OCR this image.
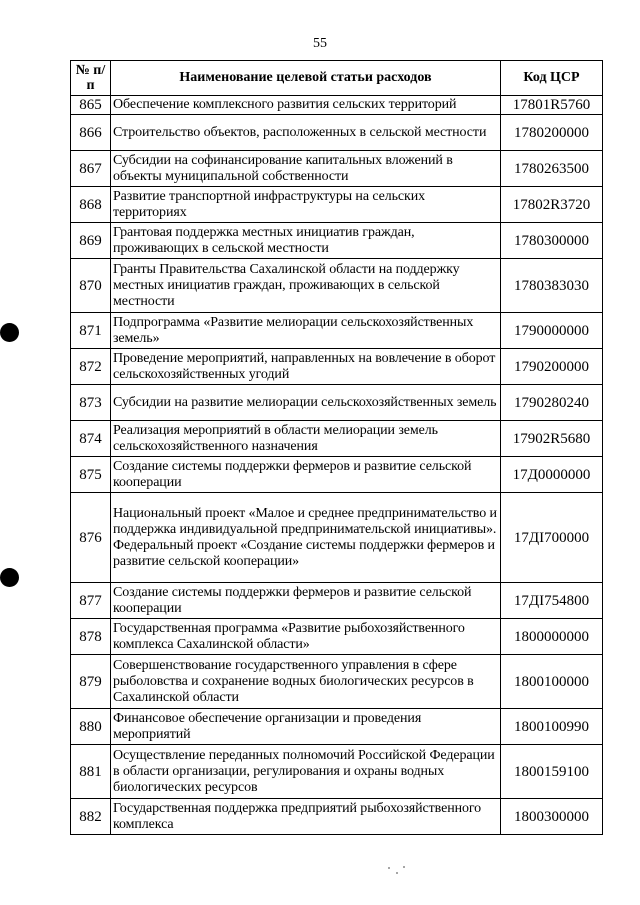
55
№ п/п	Наименование целевой статьи расходов	Код ЦСР
865	Обеспечение комплексного развития сельских территорий	17801R5760
866	Строительство объектов, расположенных в сельской местности	1780200000
867	Субсидии на софинансирование капитальных вложений в объекты муниципальной собственности	1780263500
868	Развитие транспортной инфраструктуры на сельских территориях	17802R3720
869	Грантовая поддержка местных инициатив граждан, проживающих в сельской местности	1780300000
870	Гранты Правительства Сахалинской области на поддержку местных инициатив граждан, проживающих в сельской местности	1780383030
871	Подпрограмма «Развитие мелиорации сельскохозяйственных земель»	1790000000
872	Проведение мероприятий, направленных на вовлечение в оборот сельскохозяйственных угодий	1790200000
873	Субсидии на развитие мелиорации сельскохозяйственных земель	1790280240
874	Реализация мероприятий в области мелиорации земель сельскохозяйственного назначения	17902R5680
875	Создание системы поддержки фермеров и развитие сельской кооперации	17Д0000000
876	Национальный проект «Малое и среднее предпринимательство и поддержка индивидуальной предпринимательской инициативы». Федеральный проект «Создание системы поддержки фермеров и развитие сельской кооперации»	17ДI700000
877	Создание системы поддержки фермеров и развитие сельской кооперации	17ДI754800
878	Государственная программа «Развитие рыбохозяйственного комплекса Сахалинской области»	1800000000
879	Совершенствование государственного управления в сфере рыболовства и сохранение водных биологических ресурсов в Сахалинской области	1800100000
880	Финансовое обеспечение организации и проведения мероприятий	1800100990
881	Осуществление переданных полномочий Российской Федерации в области организации, регулирования и охраны водных биологических ресурсов	1800159100
882	Государственная поддержка предприятий рыбохозяйственного комплекса	1800300000
